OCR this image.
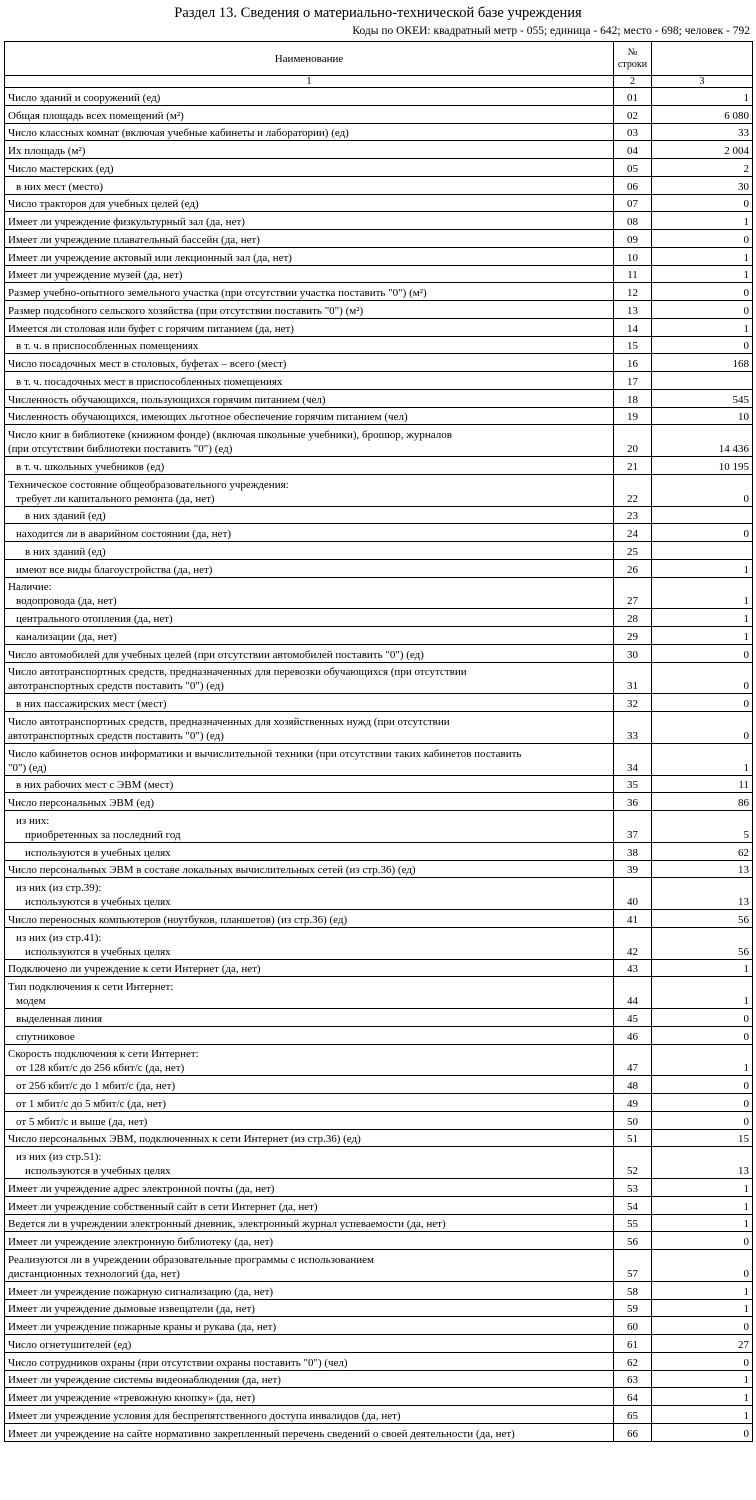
Раздел 13. Сведения о материально-технической базе учреждения
Коды по ОКЕИ: квадратный метр - 055; единица - 642; место - 698; человек - 792
Наименование	№ строки	
1	2	3

Число зданий и сооружений (ед)	01	1

Общая площадь всех помещений (м²)	02	6 080

Число классных комнат (включая учебные кабинеты и лаборатории) (ед)	03	33

Их площадь (м²)	04	2 004

Число мастерских (ед)	05	2

в них мест (место)	06	30

Число тракторов для учебных целей (ед)	07	0

Имеет ли учреждение физкультурный зал (да, нет)	08	1

Имеет ли учреждение плавательный бассейн (да, нет)	09	0

Имеет ли учреждение актовый или лекционный зал (да, нет)	10	1

Имеет ли учреждение музей (да, нет)	11	1

Размер учебно-опытного земельного участка (при отсутствии участка поставить "0") (м²)	12	0

Размер подсобного сельского хозяйства (при отсутствии поставить "0") (м²)	13	0

Имеется ли столовая или буфет с горячим питанием (да, нет)	14	1

в т. ч. в приспособленных помещениях	15	0

Число посадочных мест в столовых, буфетах – всего (мест)	16	168

в т. ч. посадочных мест в приспособленных помещениях	17	

Численность обучающихся, пользующихся горячим питанием (чел)	18	545

Численность обучающихся, имеющих льготное обеспечение горячим питанием (чел)	19	10

Число книг в библиотеке (книжном фонде) (включая школьные учебники), брошюр, журналов
(при отсутствии библиотеки поставить "0") (ед)	20	14 436

в т. ч. школьных учебников (ед)	21	10 195

Техническое состояние общеобразовательного учреждения:
требует ли капитального ремонта (да, нет)	22	0

в них зданий (ед)	23	

находится ли в аварийном состоянии (да, нет)	24	0

в них зданий (ед)	25	

имеют все виды благоустройства (да, нет)	26	1

Наличие:
водопровода (да, нет)	27	1

центрального отопления (да, нет)	28	1

канализации (да, нет)	29	1

Число автомобилей для учебных целей (при отсутствии автомобилей поставить "0") (ед)	30	0

Число автотранспортных средств, предназначенных для перевозки обучающихся (при отсутствии
автотранспортных средств поставить "0") (ед)	31	0

в них пассажирских мест (мест)	32	0

Число автотранспортных средств, предназначенных для хозяйственных нужд (при отсутствии
автотранспортных средств поставить "0") (ед)	33	0

Число кабинетов основ информатики и вычислительной техники (при отсутствии таких кабинетов поставить
"0") (ед)	34	1

в них рабочих мест с ЭВМ (мест)	35	11

Число персональных ЭВМ (ед)	36	86

из них:
приобретенных за последний год	37	5

используются в учебных целях	38	62

Число персональных ЭВМ в составе локальных вычислительных сетей (из стр.36) (ед)	39	13

из них (из стр.39):
используются в учебных целях	40	13

Число переносных компьютеров (ноутбуков, планшетов) (из стр.36) (ед)	41	56

из них (из стр.41):
используются в учебных целях	42	56

Подключено ли учреждение к сети Интернет (да, нет)	43	1

Тип подключения к сети Интернет:
модем	44	1

выделенная линия	45	0

спутниковое	46	0

Скорость подключения к сети Интернет:
от 128 кбит/с до 256 кбит/с (да, нет)	47	1

от 256 кбит/с до 1 мбит/с (да, нет)	48	0

от 1 мбит/с до 5 мбит/с (да, нет)	49	0

от 5 мбит/с и выше (да, нет)	50	0

Число персональных ЭВМ, подключенных к сети Интернет (из стр.36) (ед)	51	15

из них (из стр.51):
используются в учебных целях	52	13

Имеет ли учреждение адрес электронной почты (да, нет)	53	1

Имеет ли учреждение собственный сайт в сети Интернет (да, нет)	54	1

Ведется ли в учреждении электронный дневник, электронный журнал успеваемости (да, нет)	55	1

Имеет ли учреждение электронную библиотеку (да, нет)	56	0

Реализуются ли в учреждении образовательные программы с использованием
дистанционных технологий (да, нет)	57	0

Имеет ли учреждение пожарную сигнализацию (да, нет)	58	1

Имеет ли учреждение дымовые извещатели (да, нет)	59	1

Имеет ли учреждение пожарные краны и рукава (да, нет)	60	0

Число огнетушителей (ед)	61	27

Число сотрудников охраны (при отсутствии охраны поставить "0") (чел)	62	0

Имеет ли учреждение системы видеонаблюдения (да, нет)	63	1

Имеет ли учреждение «тревожную кнопку» (да, нет)	64	1

Имеет ли учреждение условия для беспрепятственного доступа инвалидов (да, нет)	65	1

Имеет ли учреждение на сайте нормативно закрепленный перечень сведений о своей деятельности (да, нет)	66	0
